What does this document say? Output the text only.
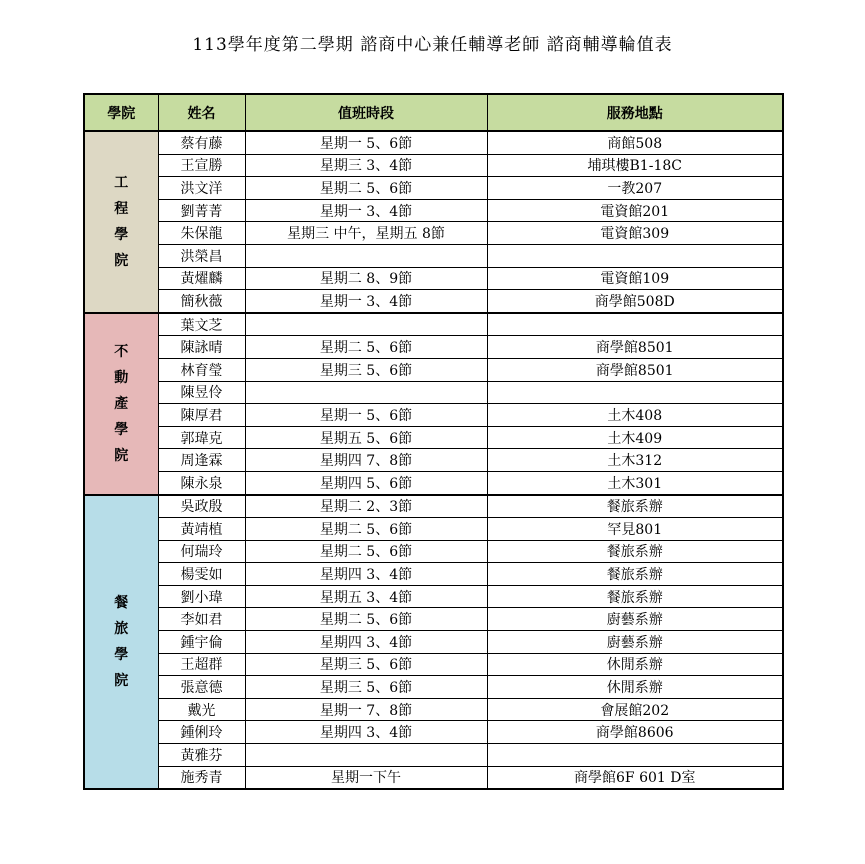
113學年度第二學期 諮商中心兼任輔導老師 諮商輔導輪值表
學院	姓名	值班時段	服務地點
工程學院	蔡有藤	星期一 5、6節	商館508
	王宣勝	星期三 3、4節	埔琪樓B1-18C
	洪文洋	星期二 5、6節	一教207
	劉菁菁	星期一 3、4節	電資館201
	朱保龍	星期三 中午，星期五 8節	電資館309
	洪榮昌		
	黃燿麟	星期二 8、9節	電資館109
	簡秋薇	星期一 3、4節	商學館508D
不動產學院	葉文芝		
	陳詠晴	星期二 5、6節	商學館8501
	林育瑩	星期三 5、6節	商學館8501
	陳昱伶		
	陳厚君	星期一 5、6節	土木408
	郭瑋克	星期五 5、6節	土木409
	周逢霖	星期四 7、8節	土木312
	陳永泉	星期四 5、6節	土木301
餐旅學院	吳政殷	星期二 2、3節	餐旅系辦
	黃靖植	星期二 5、6節	罕見801
	何瑞玲	星期二 5、6節	餐旅系辦
	楊雯如	星期四 3、4節	餐旅系辦
	劉小瑋	星期五 3、4節	餐旅系辦
	李如君	星期二 5、6節	廚藝系辦
	鍾宇倫	星期四 3、4節	廚藝系辦
	王超群	星期三 5、6節	休閒系辦
	張意德	星期三 5、6節	休閒系辦
	戴光	星期一 7、8節	會展館202
	鍾俐玲	星期四 3、4節	商學館8606
	黃雅芬		
	施秀青	星期一下午	商學館6F 601 D室
